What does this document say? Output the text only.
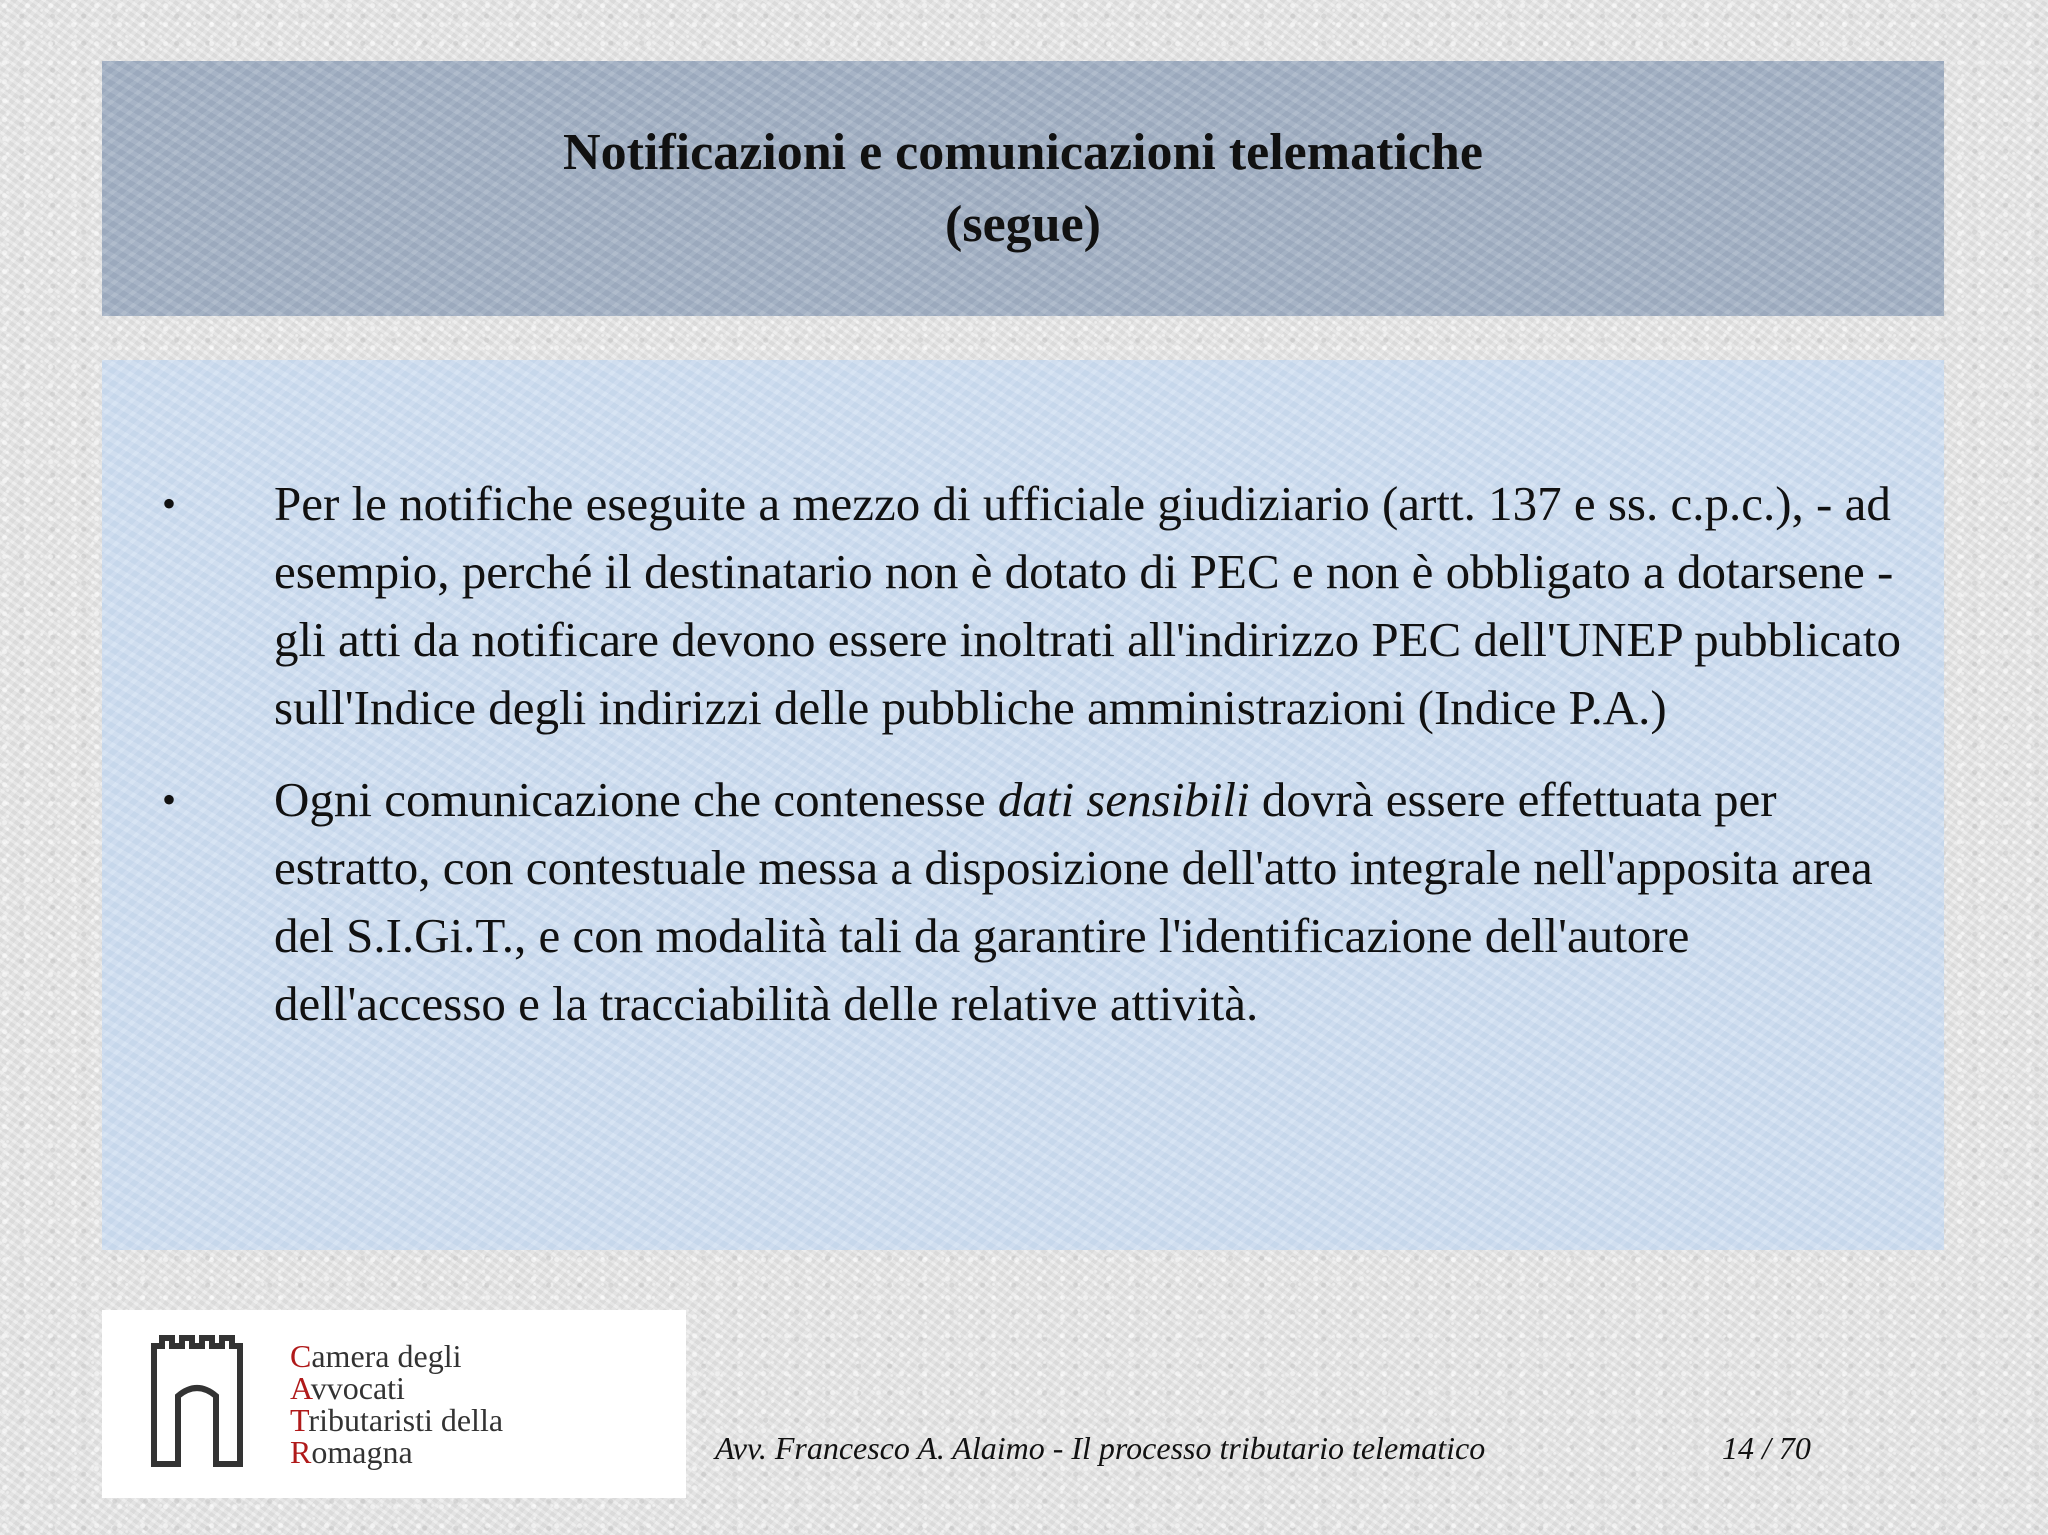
Notificazioni e comunicazioni telematiche
(segue)
• Per le notifiche eseguite a mezzo di ufficiale giudiziario (artt. 137 e ss. c.p.c.), - ad esempio, perché il destinatario non è dotato di PEC e non è obbligato a dotarsene - gli atti da notificare devono essere inoltrati all'indirizzo PEC dell'UNEP pubblicato sull'Indice degli indirizzi delle pubbliche amministrazioni (Indice P.A.)
• Ogni comunicazione che contenesse dati sensibili dovrà essere effettuata per estratto, con contestuale messa a disposizione dell'atto integrale nell'apposita area del S.I.Gi.T., e con modalità tali da garantire l'identificazione dell'autore dell'accesso e la tracciabilità delle relative attività.
Camera degli
Avvocati
Tributaristi della
Romagna	Avv. Francesco A. Alaimo - Il processo tributario telematico	14 / 70
